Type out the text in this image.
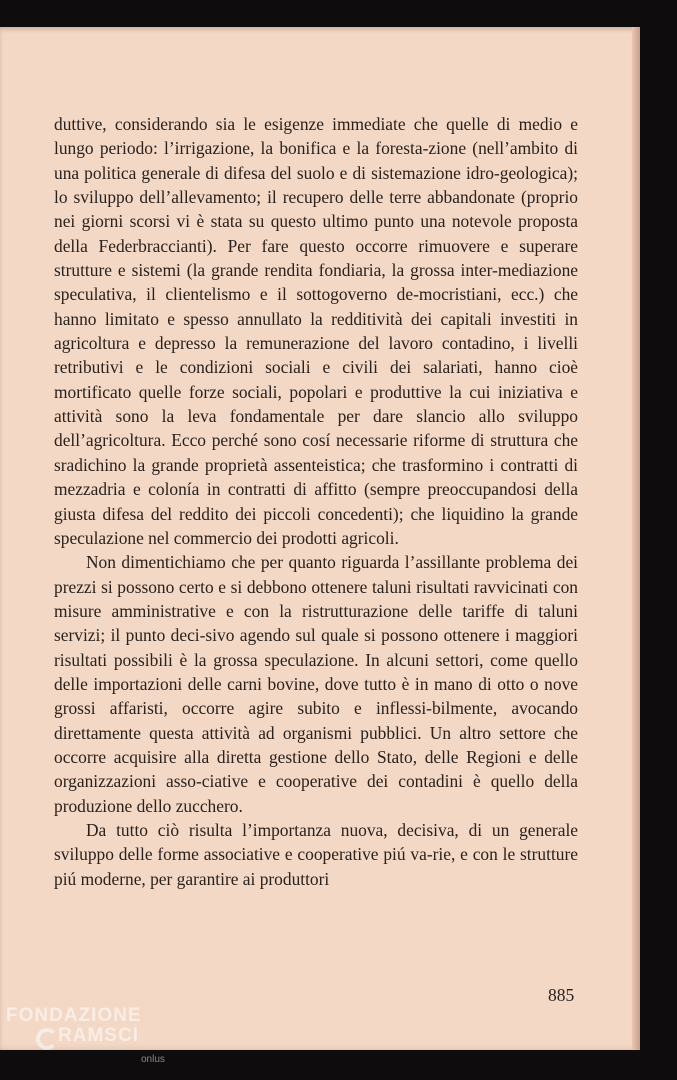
duttive, considerando sia le esigenze immediate che quelle di medio e lungo periodo: l’irrigazione, la bonifica e la foresta-zione (nell’ambito di una politica generale di difesa del suolo e di sistemazione idro-geologica); lo sviluppo dell’allevamento; il recupero delle terre abbandonate (proprio nei giorni scorsi vi è stata su questo ultimo punto una notevole proposta della Federbraccianti). Per fare questo occorre rimuovere e superare strutture e sistemi (la grande rendita fondiaria, la grossa inter-mediazione speculativa, il clientelismo e il sottogoverno de-mocristiani, ecc.) che hanno limitato e spesso annullato la redditività dei capitali investiti in agricoltura e depresso la remunerazione del lavoro contadino, i livelli retributivi e le condizioni sociali e civili dei salariati, hanno cioè mortificato quelle forze sociali, popolari e produttive la cui iniziativa e attività sono la leva fondamentale per dare slancio allo sviluppo dell’agricoltura. Ecco perché sono cosí necessarie riforme di struttura che sradichino la grande proprietà assenteistica; che trasformino i contratti di mezzadria e colonía in contratti di affitto (sempre preoccupandosi della giusta difesa del reddito dei piccoli concedenti); che liquidino la grande speculazione nel commercio dei prodotti agricoli.

Non dimentichiamo che per quanto riguarda l’assillante problema dei prezzi si possono certo e si debbono ottenere taluni risultati ravvicinati con misure amministrative e con la ristrutturazione delle tariffe di taluni servizi; il punto deci-sivo agendo sul quale si possono ottenere i maggiori risultati possibili è la grossa speculazione. In alcuni settori, come quello delle importazioni delle carni bovine, dove tutto è in mano di otto o nove grossi affaristi, occorre agire subito e inflessi-bilmente, avocando direttamente questa attività ad organismi pubblici. Un altro settore che occorre acquisire alla diretta gestione dello Stato, delle Regioni e delle organizzazioni asso-ciative e cooperative dei contadini è quello della produzione dello zucchero.

Da tutto ciò risulta l’importanza nuova, decisiva, di un generale sviluppo delle forme associative e cooperative piú va-rie, e con le strutture piú moderne, per garantire ai produttori

885
FONDAZIONE
RAMSCI
onlus
